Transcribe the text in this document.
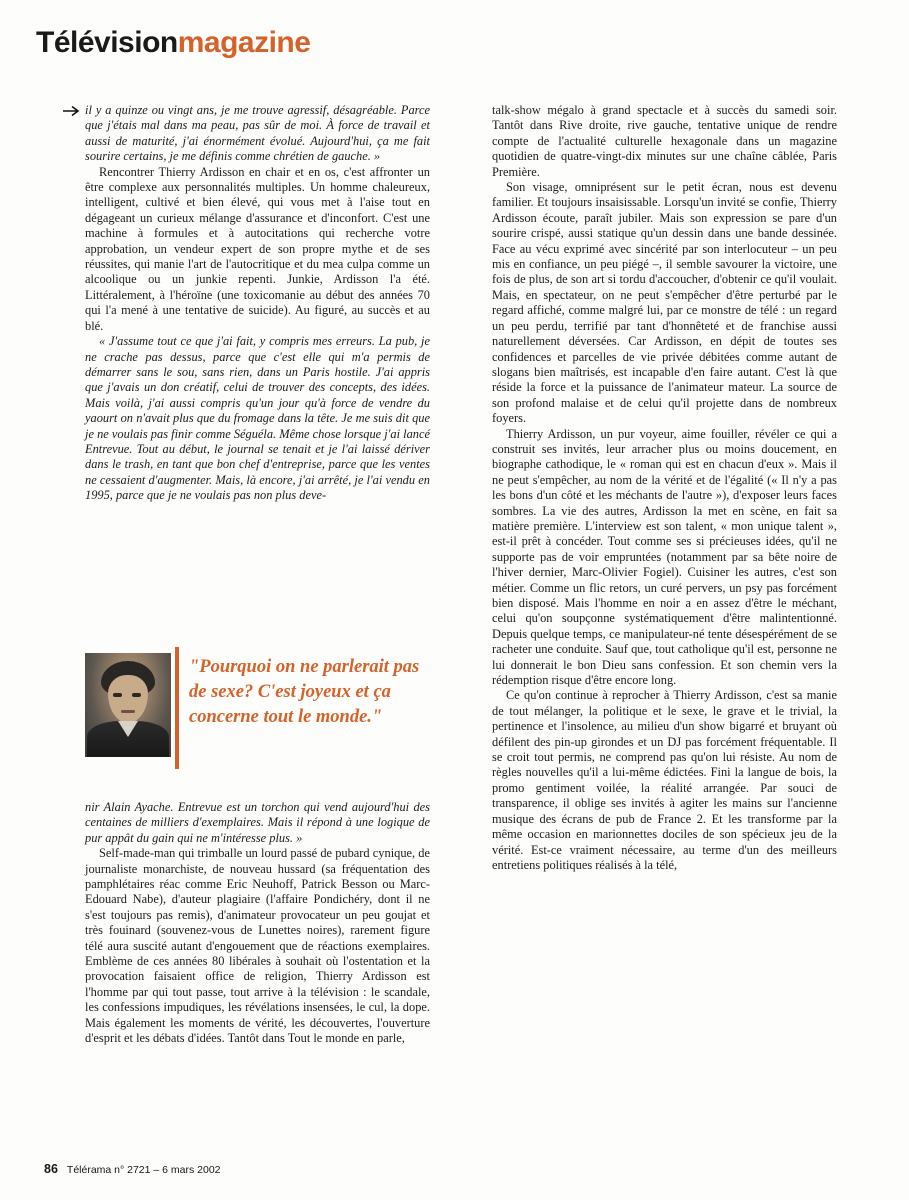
Télévisionmagazine

il y a quinze ou vingt ans, je me trouve agressif, désagréable. Parce que j'étais mal dans ma peau, pas sûr de moi. À force de travail et aussi de maturité, j'ai énormément évolué. Aujourd'hui, ça me fait sourire certains, je me définis comme chrétien de gauche. »

Rencontrer Thierry Ardisson en chair et en os, c'est affronter un être complexe aux personnalités multiples. Un homme chaleureux, intelligent, cultivé et bien élevé, qui vous met à l'aise tout en dégageant un curieux mélange d'assurance et d'inconfort. C'est une machine à formules et à autocitations qui recherche votre approbation, un vendeur expert de son propre mythe et de ses réussites, qui manie l'art de l'autocritique et du mea culpa comme un alcoolique ou un junkie repenti. Junkie, Ardisson l'a été. Littéralement, à l'héroïne (une toxicomanie au début des années 70 qui l'a mené à une tentative de suicide). Au figuré, au succès et au blé.

« J'assume tout ce que j'ai fait, y compris mes erreurs. La pub, je ne crache pas dessus, parce que c'est elle qui m'a permis de démarrer sans le sou, sans rien, dans un Paris hostile. J'ai appris que j'avais un don créatif, celui de trouver des concepts, des idées. Mais voilà, j'ai aussi compris qu'un jour qu'à force de vendre du yaourt on n'avait plus que du fromage dans la tête. Je me suis dit que je ne voulais pas finir comme Séguéla. Même chose lorsque j'ai lancé Entrevue. Tout au début, le journal se tenait et je l'ai laissé dériver dans le trash, en tant que bon chef d'entreprise, parce que les ventes ne cessaient d'augmenter. Mais, là encore, j'ai arrêté, je l'ai vendu en 1995, parce que je ne voulais pas non plus deve-

"Pourquoi on ne parlerait pas de sexe? C'est joyeux et ça concerne tout le monde."

nir Alain Ayache. Entrevue est un torchon qui vend aujourd'hui des centaines de milliers d'exemplaires. Mais il répond à une logique de pur appât du gain qui ne m'intéresse plus. »

Self-made-man qui trimballe un lourd passé de pubard cynique, de journaliste monarchiste, de nouveau hussard (sa fréquentation des pamphlétaires réac comme Eric Neuhoff, Patrick Besson ou Marc-Edouard Nabe), d'auteur plagiaire (l'affaire Pondichéry, dont il ne s'est toujours pas remis), d'animateur provocateur un peu goujat et très fouinard (souvenez-vous de Lunettes noires), rarement figure télé aura suscité autant d'engouement que de réactions exemplaires. Emblème de ces années 80 libérales à souhait où l'ostentation et la provocation faisaient office de religion, Thierry Ardisson est l'homme par qui tout passe, tout arrive à la télévision : le scandale, les confessions impudiques, les révélations insensées, le cul, la dope. Mais également les moments de vérité, les découvertes, l'ouverture d'esprit et les débats d'idées. Tantôt dans Tout le monde en parle,

talk-show mégalo à grand spectacle et à succès du samedi soir. Tantôt dans Rive droite, rive gauche, tentative unique de rendre compte de l'actualité culturelle hexagonale dans un magazine quotidien de quatre-vingt-dix minutes sur une chaîne câblée, Paris Première.

Son visage, omniprésent sur le petit écran, nous est devenu familier. Et toujours insaisissable. Lorsqu'un invité se confie, Thierry Ardisson écoute, paraît jubiler. Mais son expression se pare d'un sourire crispé, aussi statique qu'un dessin dans une bande dessinée. Face au vécu exprimé avec sincérité par son interlocuteur – un peu mis en confiance, un peu piégé –, il semble savourer la victoire, une fois de plus, de son art si tordu d'accoucher, d'obtenir ce qu'il voulait. Mais, en spectateur, on ne peut s'empêcher d'être perturbé par le regard affiché, comme malgré lui, par ce monstre de télé : un regard un peu perdu, terrifié par tant d'honnêteté et de franchise aussi naturellement déversées. Car Ardisson, en dépit de toutes ses confidences et parcelles de vie privée débitées comme autant de slogans bien maîtrisés, est incapable d'en faire autant. C'est là que réside la force et la puissance de l'animateur mateur. La source de son profond malaise et de celui qu'il projette dans de nombreux foyers.

Thierry Ardisson, un pur voyeur, aime fouiller, révéler ce qui a construit ses invités, leur arracher plus ou moins doucement, en biographe cathodique, le « roman qui est en chacun d'eux ». Mais il ne peut s'empêcher, au nom de la vérité et de l'égalité (« Il n'y a pas les bons d'un côté et les méchants de l'autre »), d'exposer leurs faces sombres. La vie des autres, Ardisson la met en scène, en fait sa matière première. L'interview est son talent, « mon unique talent », est-il prêt à concéder. Tout comme ses si précieuses idées, qu'il ne supporte pas de voir empruntées (notamment par sa bête noire de l'hiver dernier, Marc-Olivier Fogiel). Cuisiner les autres, c'est son métier. Comme un flic retors, un curé pervers, un psy pas forcément bien disposé. Mais l'homme en noir a en assez d'être le méchant, celui qu'on soupçonne systématiquement d'être malintentionné. Depuis quelque temps, ce manipulateur-né tente désespérément de se racheter une conduite. Sauf que, tout catholique qu'il est, personne ne lui donnerait le bon Dieu sans confession. Et son chemin vers la rédemption risque d'être encore long.

Ce qu'on continue à reprocher à Thierry Ardisson, c'est sa manie de tout mélanger, la politique et le sexe, le grave et le trivial, la pertinence et l'insolence, au milieu d'un show bigarré et bruyant où défilent des pin-up girondes et un DJ pas forcément fréquentable. Il se croit tout permis, ne comprend pas qu'on lui résiste. Au nom de règles nouvelles qu'il a lui-même édictées. Fini la langue de bois, la promo gentiment voilée, la réalité arrangée. Par souci de transparence, il oblige ses invités à agiter les mains sur l'ancienne musique des écrans de pub de France 2. Et les transforme par la même occasion en marionnettes dociles de son spécieux jeu de la vérité. Est-ce vraiment nécessaire, au terme d'un des meilleurs entretiens politiques réalisés à la télé,

86 Télérama n° 2721 – 6 mars 2002
